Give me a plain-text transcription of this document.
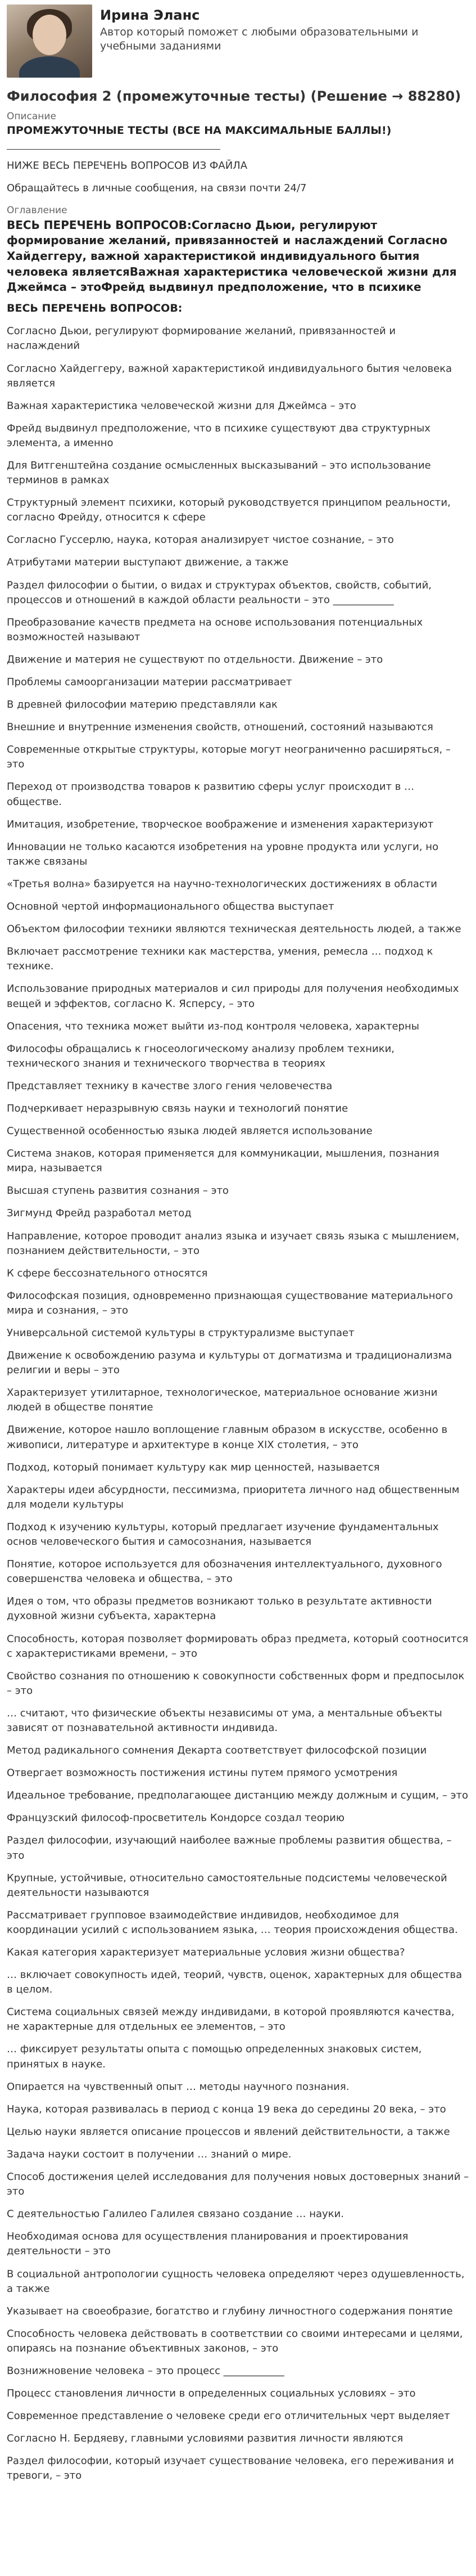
Ирина Эланс
Автор который поможет с любыми образовательными и учебными заданиями
Философия 2 (промежуточные тесты) (Решение → 88280)
Описание
ПРОМЕЖУТОЧНЫЕ ТЕСТЫ (ВСЕ НА МАКСИМАЛЬНЫЕ БАЛЛЫ!)

НИЖЕ ВЕСЬ ПЕРЕЧЕНЬ ВОПРОСОВ ИЗ ФАЙЛА

Обращайтесь в личные сообщения, на связи почти 24/7

Оглавление
ВЕСЬ ПЕРЕЧЕНЬ ВОПРОСОВ:Согласно Дьюи, регулируют формирование желаний, привязанностей и наслаждений Согласно Хайдеггеру, важной характеристикой индивидуального бытия человека являетсяВажная характеристика человеческой жизни для Джеймса – этоФрейд выдвинул предположение, что в психике
ВЕСЬ ПЕРЕЧЕНЬ ВОПРОСОВ:

Согласно Дьюи, регулируют формирование желаний, привязанностей и наслаждений

Согласно Хайдеггеру, важной характеристикой индивидуального бытия человека является

Важная характеристика человеческой жизни для Джеймса – это

Фрейд выдвинул предположение, что в психике существуют два структурных элемента, а именно

Для Витгенштейна создание осмысленных высказываний – это использование терминов в рамках

Структурный элемент психики, который руководствуется принципом реальности, согласно Фрейду, относится к сфере

Согласно Гуссерлю, наука, которая анализирует чистое сознание, – это

Атрибутами материи выступают движение, а также

Раздел философии о бытии, о видах и структурах объектов, свойств, событий, процессов и отношений в каждой области реальности – это ____________

Преобразование качеств предмета на основе использования потенциальных возможностей называют

Движение и материя не существуют по отдельности. Движение – это

Проблемы самоорганизации материи рассматривает

В древней философии материю представляли как

Внешние и внутренние изменения свойств, отношений, состояний называются

Современные открытые структуры, которые могут неограниченно расширяться, – это

Переход от производства товаров к развитию сферы услуг происходит в … обществе.

Имитация, изобретение, творческое воображение и изменения характеризуют

Инновации не только касаются изобретения на уровне продукта или услуги, но также связаны

«Третья волна» базируется на научно-технологических достижениях в области

Основной чертой информационального общества выступает

Объектом философии техники являются техническая деятельность людей, а также

Включает рассмотрение техники как мастерства, умения, ремесла … подход к технике.

Использование природных материалов и сил природы для получения необходимых вещей и эффектов, согласно К. Ясперсу, – это

Опасения, что техника может выйти из-под контроля человека, характерны

Философы обращались к гносеологическому анализу проблем техники, технического знания и технического творчества в теориях

Представляет технику в качестве злого гения человечества

Подчеркивает неразрывную связь науки и технологий понятие

Существенной особенностью языка людей является использование

Система знаков, которая применяется для коммуникации, мышления, познания мира, называется

Высшая ступень развития сознания – это

Зигмунд Фрейд разработал метод

Направление, которое проводит анализ языка и изучает связь языка с мышлением, познанием действительности, – это

К сфере бессознательного относятся

Философская позиция, одновременно признающая существование материального мира и сознания, – это

Универсальной системой культуры в структурализме выступает

Движение к освобождению разума и культуры от догматизма и традиционализма религии и веры – это

Характеризует утилитарное, технологическое, материальное основание жизни людей в обществе понятие

Движение, которое нашло воплощение главным образом в искусстве, особенно в живописи, литературе и архитектуре в конце XIX столетия, – это

Подход, который понимает культуру как мир ценностей, называется

Характеры идеи абсурдности, пессимизма, приоритета личного над общественным для модели культуры

Подход к изучению культуры, который предлагает изучение фундаментальных основ человеческого бытия и самосознания, называется

Понятие, которое используется для обозначения интеллектуального, духовного совершенства человека и общества, – это

Идея о том, что образы предметов возникают только в результате активности духовной жизни субъекта, характерна

Способность, которая позволяет формировать образ предмета, который соотносится с характеристиками времени, – это

Свойство сознания по отношению к совокупности собственных форм и предпосылок – это

… считают, что физические объекты независимы от ума, а ментальные объекты зависят от познавательной активности индивида.

Метод радикального сомнения Декарта соответствует философской позиции

Отвергает возможность постижения истины путем прямого усмотрения

Идеальное требование, предполагающее дистанцию между должным и сущим, – это

Французский философ-просветитель Кондорсе создал теорию

Раздел философии, изучающий наиболее важные проблемы развития общества, – это

Крупные, устойчивые, относительно самостоятельные подсистемы человеческой деятельности называются

Рассматривает групповое взаимодействие индивидов, необходимое для координации усилий с использованием языка, … теория происхождения общества.

Какая категория характеризует материальные условия жизни общества?

… включает совокупность идей, теорий, чувств, оценок, характерных для общества в целом.

Система социальных связей между индивидами, в которой проявляются качества, не характерные для отдельных ее элементов, – это

… фиксирует результаты опыта с помощью определенных знаковых систем, принятых в науке.

Опирается на чувственный опыт … методы научного познания.

Наука, которая развивалась в период с конца 19 века до середины 20 века, – это

Целью науки является описание процессов и явлений действительности, а также

Задача науки состоит в получении … знаний о мире.

Способ достижения целей исследования для получения новых достоверных знаний – это

С деятельностью Галилео Галилея связано создание … науки.

Необходимая основа для осуществления планирования и проектирования деятельности – это

В социальной антропологии сущность человека определяют через одушевленность, а также

Указывает на своеобразие, богатство и глубину личностного содержания понятие

Способность человека действовать в соответствии со своими интересами и целями, опираясь на познание объективных законов, – это

Вознижновение человека – это процесс ____________

Процесс становления личности в определенных социальных условиях – это

Современное представление о человеке среди его отличительных черт выделяет

Согласно Н. Бердяеву, главными условиями развития личности являются

Раздел философии, который изучает существование человека, его переживания и тревоги, – это
